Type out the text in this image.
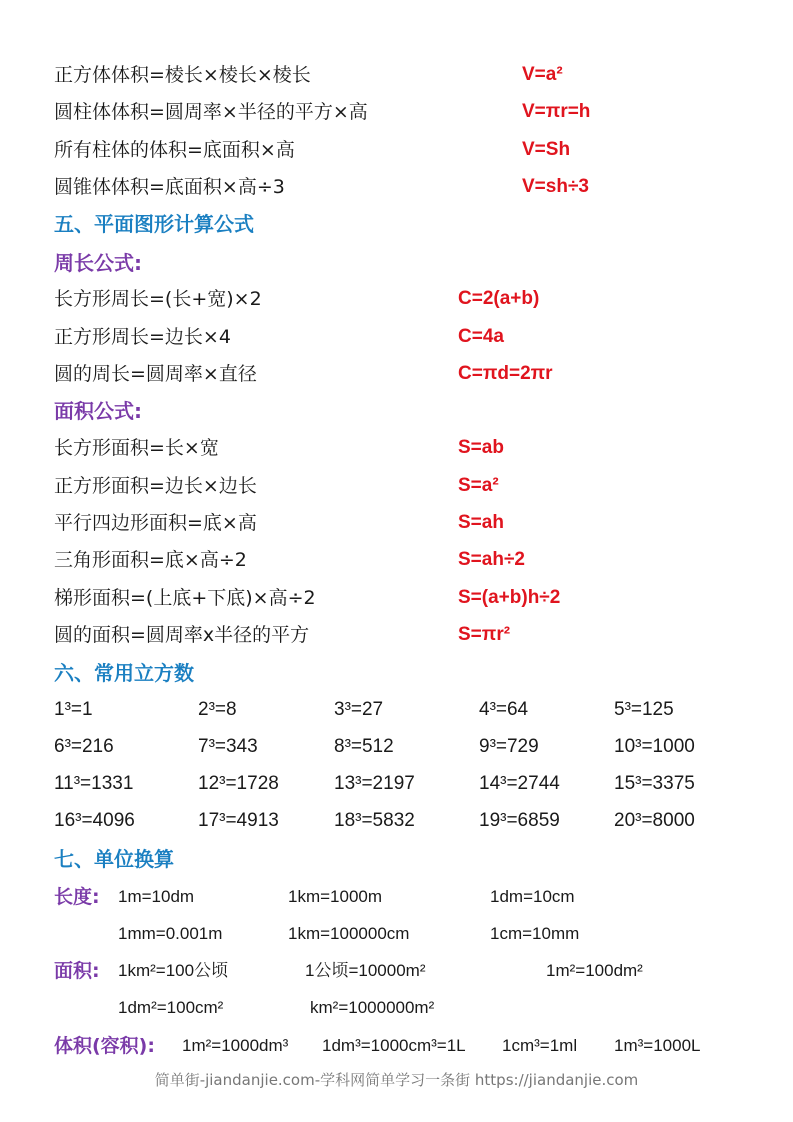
正方体体积=棱长×棱长×棱长	V=a²
圆柱体体积=圆周率×半径的平方×高	V=πr=h
所有柱体的体积=底面积×高	V=Sh
圆锥体体积=底面积×高÷3	V=sh÷3
五、平面图形计算公式
周长公式:
长方形周长=(长+宽)×2	C=2(a+b)
正方形周长=边长×4	C=4a
圆的周长=圆周率×直径	C=πd=2πr
面积公式:
长方形面积=长×宽	S=ab
正方形面积=边长×边长	S=a²
平行四边形面积=底×高	S=ah
三角形面积=底×高÷2	S=ah÷2
梯形面积=(上底+下底)×高÷2	S=(a+b)h÷2
圆的面积=圆周率x半径的平方	S=πr²
六、常用立方数
1³=1	2³=8	3³=27	4³=64	5³=125
6³=216	7³=343	8³=512	9³=729	10³=1000
11³=1331	12³=1728	13³=2197	14³=2744	15³=3375
16³=4096	17³=4913	18³=5832	19³=6859	20³=8000
七、单位换算
长度: 1m=10dm	1km=1000m	1dm=10cm
1mm=0.001m	1km=100000cm	1cm=10mm
面积: 1km²=100公顷	1公顷=10000m²	1m²=100dm²
1dm²=100cm²	km²=1000000m²
体积(容积): 1m²=1000dm³ 1dm³=1000cm³=1L 1cm³=1ml 1m³=1000L
简单街-jiandanjie.com-学科网简单学习一条街 https://jiandanjie.com
